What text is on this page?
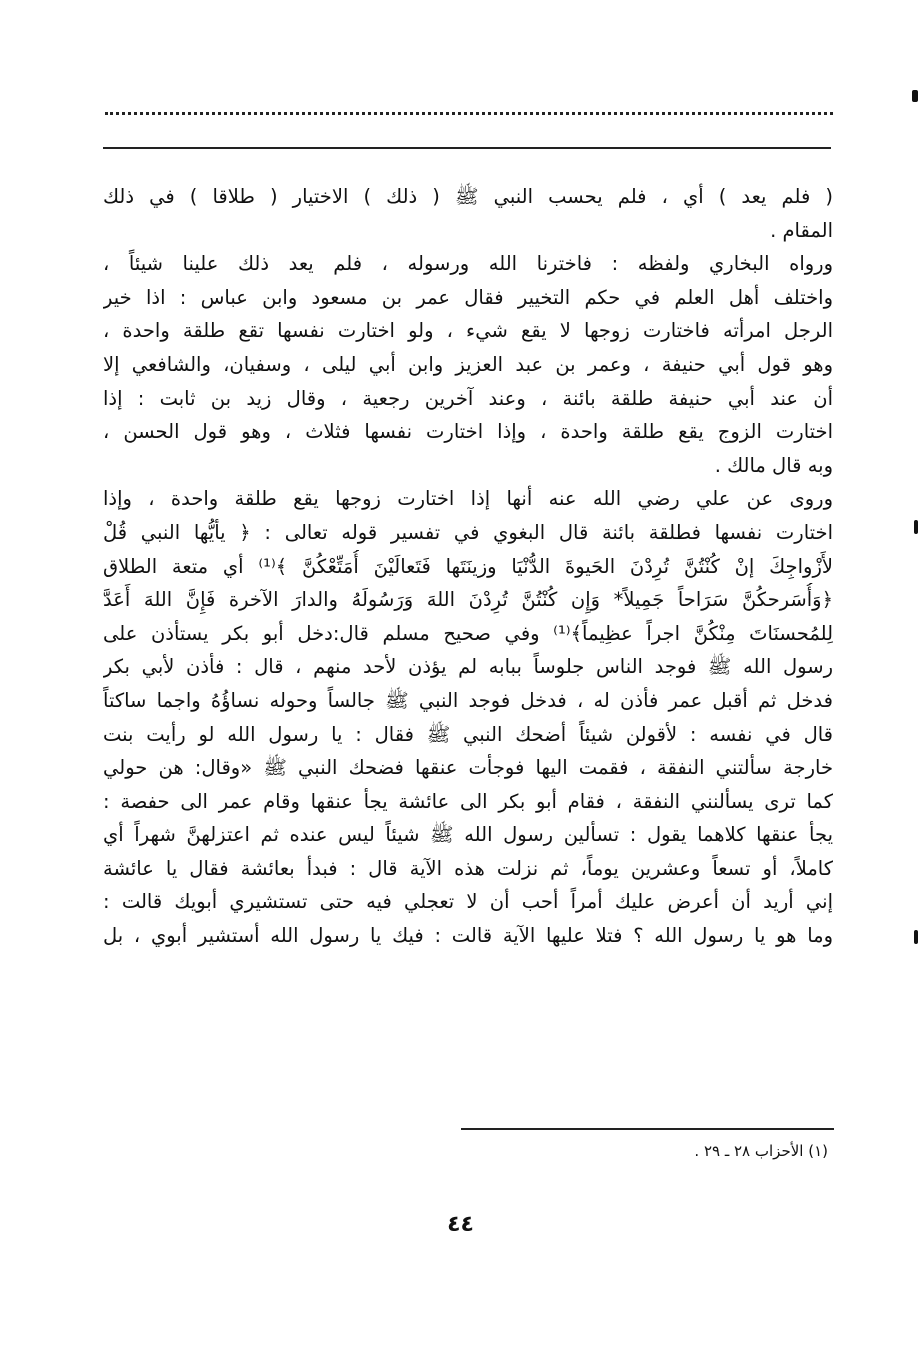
( فلم يعد ) أي ، فلم يحسب النبي ﷺ ( ذلك ) الاختيار ( طلاقا ) في ذلك
المقام .
ورواه البخاري ولفظه : فاخترنا الله ورسوله ، فلم يعد ذلك علينا شيئاً ،
واختلف أهل العلم في حكم التخيير فقال عمر بن مسعود وابن عباس : اذا خير
الرجل امرأته فاختارت زوجها لا يقع شيء ، ولو اختارت نفسها تقع طلقة واحدة ،
وهو قول أبي حنيفة ، وعمر بن عبد العزيز وابن أبي ليلى ، وسفيان، والشافعي إلا
أن عند أبي حنيفة طلقة بائنة ، وعند آخرين رجعية ، وقال زيد بن ثابت : إذا
اختارت الزوج يقع طلقة واحدة ، وإذا اختارت نفسها فثلاث ، وهو قول الحسن ،
وبه قال مالك .
وروى عن علي رضي الله عنه أنها إذا اختارت زوجها يقع طلقة واحدة ، وإذا
اختارت نفسها فطلقة بائنة قال البغوي في تفسير قوله تعالى : ﴿ يأيُّها النبي قُلْ
لأَزْواجِكَ إنْ كُنْتُنَّ تُرِدْنَ الحَيوةَ الدُّنْيَا وزينَتَها فَتَعالَيْنَ أُمَتِّعْكُنَّ ﴾⁽¹⁾ أي متعة الطلاق
﴿وَأُسَرحكُنَّ سَرَاحاً جَمِيلاً* وَإِن كُنْتُنَّ تُرِدْنَ اللهَ وَرَسُولَهُ والدارَ الآخرة فَإِنَّ اللهَ أَعَدَّ
لِلمُحسنَاتَ مِنْكُنَّ اجراً عظِيماً﴾⁽¹⁾ وفي صحيح مسلم قال:دخل أبو بكر يستأذن على
رسول الله ﷺ فوجد الناس جلوساً ببابه لم يؤذن لأحد منهم ، قال : فأذن لأبي بكر
فدخل ثم أقبل عمر فأذن له ، فدخل فوجد النبي ﷺ جالساً وحوله نساؤُهُ واجما ساكتاً
قال في نفسه : لأقولن شيئاً أضحك النبي ﷺ فقال : يا رسول الله لو رأيت بنت
خارجة سألتني النفقة ، فقمت اليها فوجأت عنقها فضحك النبي ﷺ «وقال: هن حولي
كما ترى يسألنني النفقة ، فقام أبو بكر الى عائشة يجأ عنقها وقام عمر الى حفصة :
يجأ عنقها كلاهما يقول : تسألين رسول الله ﷺ شيئاً ليس عنده ثم اعتزلهنَّ شهراً أي
كاملاً، أو تسعاً وعشرين يوماً، ثم نزلت هذه الآية قال : فبدأ بعائشة فقال يا عائشة
إني أريد أن أعرض عليك أمراً أحب أن لا تعجلي فيه حتى تستشيري أبويك قالت :
وما هو يا رسول الله ؟ فتلا عليها الآية قالت : فيك يا رسول الله أستشير أبوي ، بل
(١) الأحزاب ٢٨ ـ ٢٩ .
٤٤
